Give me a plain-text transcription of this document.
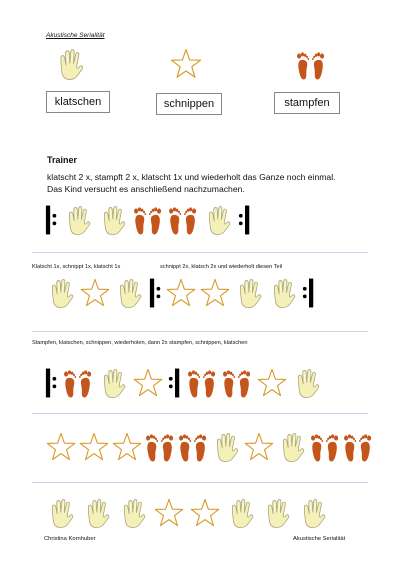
Akustische Serialität
klatschen	schnippen	stampfen
Trainer
klatscht 2 x, stampft 2 x, klatscht 1x und wiederholt das Ganze noch einmal.
Das Kind versucht es anschließend nachzumachen.
Klatscht 1x, schnippt 1x, klatscht 1x	schnippt 2x, klatsch 2x und wiederholt diesen Teil
Stampfen, klatschen, schnippen, wiederholen, dann 2x stampfen, schnippen, klatschen
Christina Kornhuber	Akustische Serialität
